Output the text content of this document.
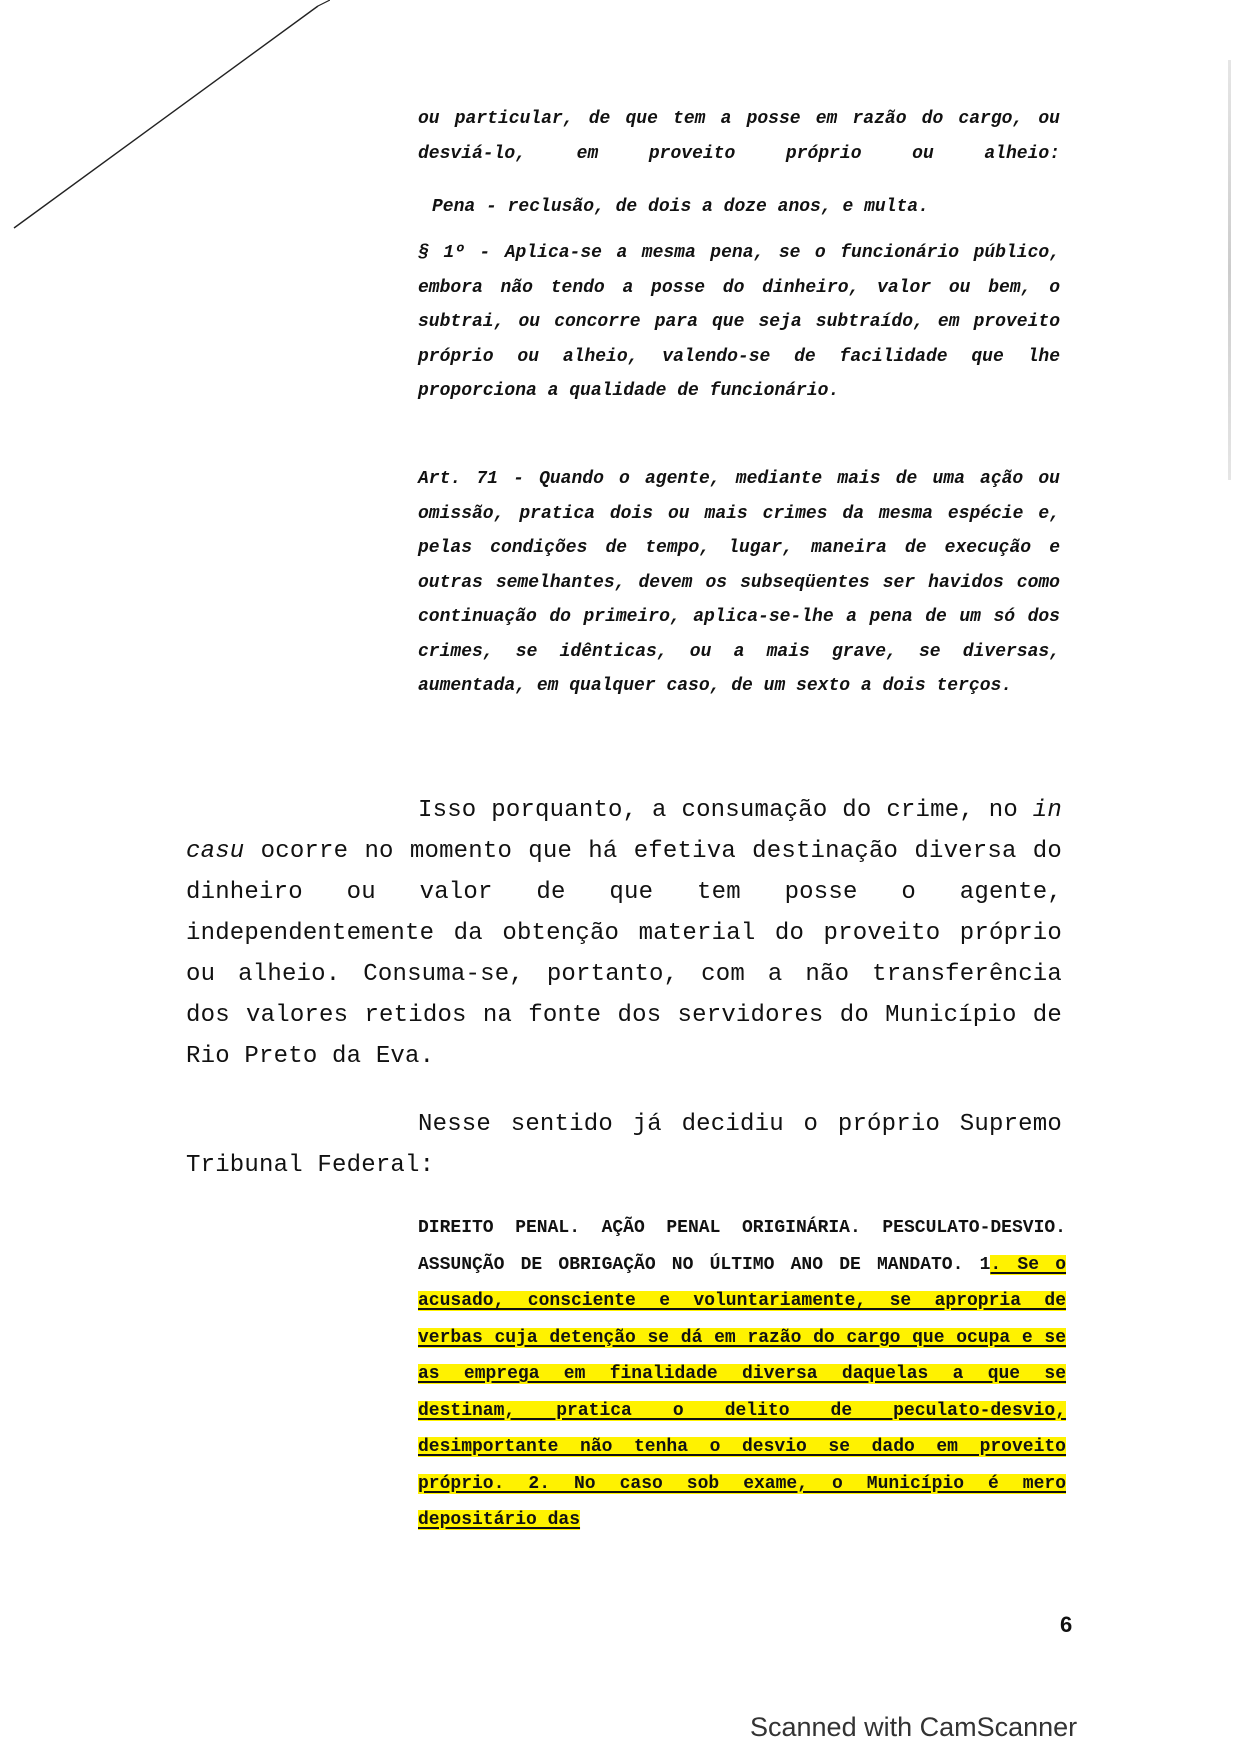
ou particular, de que tem a posse em razão do cargo, ou desviá-lo, em proveito próprio ou alheio:

Pena - reclusão, de dois a doze anos, e multa.

§ 1º - Aplica-se a mesma pena, se o funcionário público, embora não tendo a posse do dinheiro, valor ou bem, o subtrai, ou concorre para que seja subtraído, em proveito próprio ou alheio, valendo-se de facilidade que lhe proporciona a qualidade de funcionário.

Art. 71 - Quando o agente, mediante mais de uma ação ou omissão, pratica dois ou mais crimes da mesma espécie e, pelas condições de tempo, lugar, maneira de execução e outras semelhantes, devem os subseqüentes ser havidos como continuação do primeiro, aplica-se-lhe a pena de um só dos crimes, se idênticas, ou a mais grave, se diversas, aumentada, em qualquer caso, de um sexto a dois terços.

Isso porquanto, a consumação do crime, no in casu ocorre no momento que há efetiva destinação diversa do dinheiro ou valor de que tem posse o agente, independentemente da obtenção material do proveito próprio ou alheio. Consuma-se, portanto, com a não transferência dos valores retidos na fonte dos servidores do Município de Rio Preto da Eva.

Nesse sentido já decidiu o próprio Supremo Tribunal Federal:

DIREITO PENAL. AÇÃO PENAL ORIGINÁRIA. PESCULATO-DESVIO. ASSUNÇÃO DE OBRIGAÇÃO NO ÚLTIMO ANO DE MANDATO. 1. Se o acusado, consciente e voluntariamente, se apropria de verbas cuja detenção se dá em razão do cargo que ocupa e se as emprega em finalidade diversa daquelas a que se destinam, pratica o delito de peculato-desvio, desimportante não tenha o desvio se dado em proveito próprio. 2. No caso sob exame, o Município é mero depositário das

6
Scanned with CamScanner
